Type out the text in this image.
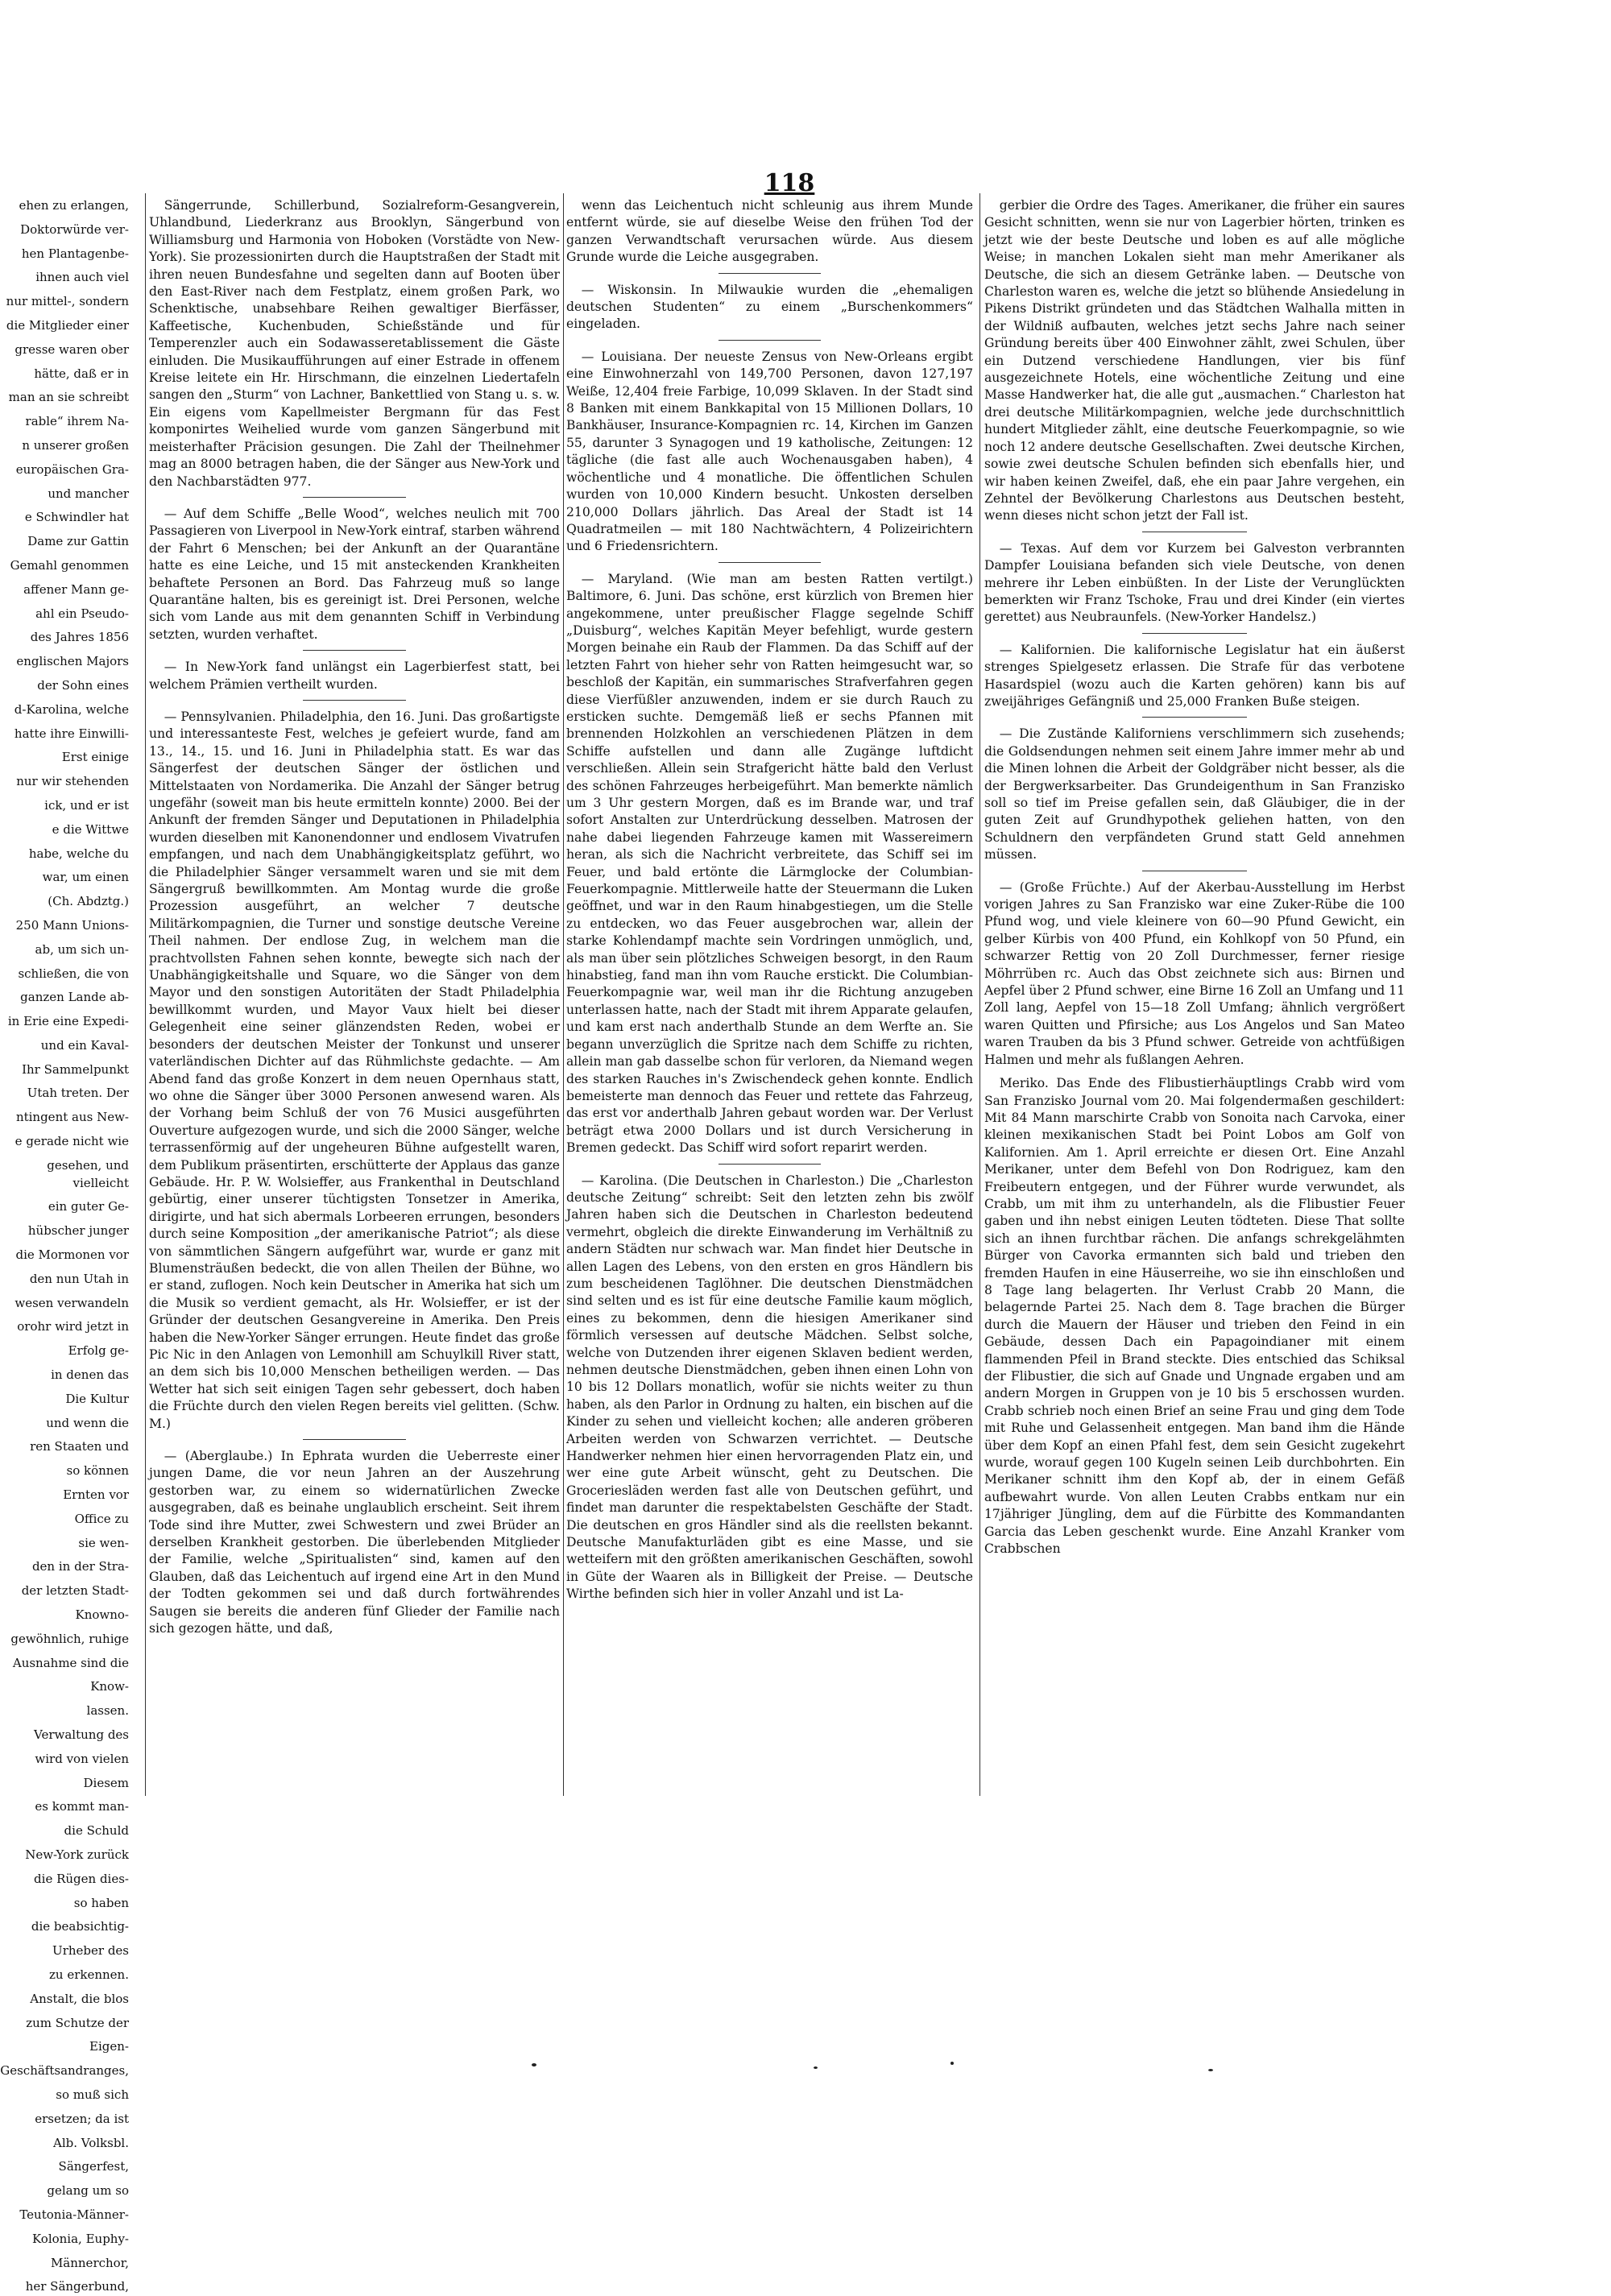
118

ehen zu erlangen,

Doktorwürde ver-

hen Plantagenbe-

ihnen auch viel

nur mittel-, sondern

die Mitglieder einer

gresse waren ober

hätte, daß er in

man an sie schreibt

rable“ ihrem Na-

n unserer großen

europäischen Gra-

und mancher

e Schwindler hat

Dame zur Gattin

Gemahl genommen

affener Mann ge-

ahl ein Pseudo-

des Jahres 1856

englischen Majors

der Sohn eines

d-Karolina, welche

hatte ihre Einwilli-

Erst einige

nur wir stehenden

ick, und er ist

e die Wittwe

habe, welche du

war, um einen

(Ch. Abdztg.)

250 Mann Unions-

ab, um sich un-

schließen, die von

ganzen Lande ab-

in Erie eine Expedi-

und ein Kaval-

Ihr Sammelpunkt

Utah treten. Der

ntingent aus New-

e gerade nicht wie

gesehen, und vielleicht

ein guter Ge-

hübscher junger

die Mormonen vor

den nun Utah in

wesen verwandeln

orohr wird jetzt in

Erfolg ge-

in denen das

Die Kultur

und wenn die

ren Staaten und

so können

Ernten vor

Office zu

sie wen-

den in der Stra-

der letzten Stadt-

Knowno-

gewöhnlich, ruhige

Ausnahme sind die

Know-

lassen.

Verwaltung des

wird von vielen

Diesem

es kommt man-

die Schuld

New-York zurück

die Rügen dies-

so haben

die beabsichtig-

Urheber des

zu erkennen.

Anstalt, die blos

zum Schutze der

Eigen-

Geschäftsandranges,

so muß sich

ersetzen; da ist

Alb. Volksbl.

Sängerfest,

gelang um so

Teutonia-Männer-

Kolonia, Euphy-

Männerchor,

her Sängerbund,

Sängerrunde, Schillerbund, Sozialreform-Gesangverein, Uhlandbund, Liederkranz aus Brooklyn, Sängerbund von Williamsburg und Harmonia von Hoboken (Vorstädte von New-York). Sie prozessionirten durch die Hauptstraßen der Stadt mit ihren neuen Bundesfahne und segelten dann auf Booten über den East-River nach dem Festplatz, einem großen Park, wo Schenktische, unabsehbare Reihen gewaltiger Bierfässer, Kaffeetische, Kuchenbuden, Schießstände und für Temperenzler auch ein Sodawasseretablissement die Gäste einluden. Die Musikaufführungen auf einer Estrade in offenem Kreise leitete ein Hr. Hirschmann, die einzelnen Liedertafeln sangen den „Sturm“ von Lachner, Bankettlied von Stang u. s. w. Ein eigens vom Kapellmeister Bergmann für das Fest komponirtes Weihelied wurde vom ganzen Sängerbund mit meisterhafter Präcision gesungen. Die Zahl der Theilnehmer mag an 8000 betragen haben, die der Sänger aus New-York und den Nachbarstädten 977.

— Auf dem Schiffe „Belle Wood“, welches neulich mit 700 Passagieren von Liverpool in New-York eintraf, starben während der Fahrt 6 Menschen; bei der Ankunft an der Quarantäne hatte es eine Leiche, und 15 mit ansteckenden Krankheiten behaftete Personen an Bord. Das Fahrzeug muß so lange Quarantäne halten, bis es gereinigt ist. Drei Personen, welche sich vom Lande aus mit dem genannten Schiff in Verbindung setzten, wurden verhaftet.

— In New-York fand unlängst ein Lagerbierfest statt, bei welchem Prämien vertheilt wurden.

— Pennsylvanien. Philadelphia, den 16. Juni. Das großartigste und interessanteste Fest, welches je gefeiert wurde, fand am 13., 14., 15. und 16. Juni in Philadelphia statt. Es war das Sängerfest der deutschen Sänger der östlichen und Mittelstaaten von Nordamerika. Die Anzahl der Sänger betrug ungefähr (soweit man bis heute ermitteln konnte) 2000. Bei der Ankunft der fremden Sänger und Deputationen in Philadelphia wurden dieselben mit Kanonendonner und endlosem Vivatrufen empfangen, und nach dem Unabhängigkeitsplatz geführt, wo die Philadelphier Sänger versammelt waren und sie mit dem Sängergruß bewillkommten. Am Montag wurde die große Prozession ausgeführt, an welcher 7 deutsche Militärkompagnien, die Turner und sonstige deutsche Vereine Theil nahmen. Der endlose Zug, in welchem man die prachtvollsten Fahnen sehen konnte, bewegte sich nach der Unabhängigkeitshalle und Square, wo die Sänger von dem Mayor und den sonstigen Autoritäten der Stadt Philadelphia bewillkommt wurden, und Mayor Vaux hielt bei dieser Gelegenheit eine seiner glänzendsten Reden, wobei er besonders der deutschen Meister der Tonkunst und unserer vaterländischen Dichter auf das Rühmlichste gedachte. — Am Abend fand das große Konzert in dem neuen Opernhaus statt, wo ohne die Sänger über 3000 Personen anwesend waren. Als der Vorhang beim Schluß der von 76 Musici ausgeführten Ouverture aufgezogen wurde, und sich die 2000 Sänger, welche terrassenförmig auf der ungeheuren Bühne aufgestellt waren, dem Publikum präsentirten, erschütterte der Applaus das ganze Gebäude. Hr. P. W. Wolsieffer, aus Frankenthal in Deutschland gebürtig, einer unserer tüchtigsten Tonsetzer in Amerika, dirigirte, und hat sich abermals Lorbeeren errungen, besonders durch seine Komposition „der amerikanische Patriot“; als diese von sämmtlichen Sängern aufgeführt war, wurde er ganz mit Blumensträußen bedeckt, die von allen Theilen der Bühne, wo er stand, zuflogen. Noch kein Deutscher in Amerika hat sich um die Musik so verdient gemacht, als Hr. Wolsieffer, er ist der Gründer der deutschen Gesangvereine in Amerika. Den Preis haben die New-Yorker Sänger errungen. Heute findet das große Pic Nic in den Anlagen von Lemonhill am Schuylkill River statt, an dem sich bis 10,000 Menschen betheiligen werden. — Das Wetter hat sich seit einigen Tagen sehr gebessert, doch haben die Früchte durch den vielen Regen bereits viel gelitten. (Schw. M.)

— (Aberglaube.) In Ephrata wurden die Ueberreste einer jungen Dame, die vor neun Jahren an der Auszehrung gestorben war, zu einem so widernatürlichen Zwecke ausgegraben, daß es beinahe unglaublich erscheint. Seit ihrem Tode sind ihre Mutter, zwei Schwestern und zwei Brüder an derselben Krankheit gestorben. Die überlebenden Mitglieder der Familie, welche „Spiritualisten“ sind, kamen auf den Glauben, daß das Leichentuch auf irgend eine Art in den Mund der Todten gekommen sei und daß durch fortwährendes Saugen sie bereits die anderen fünf Glieder der Familie nach sich gezogen hätte, und daß,

wenn das Leichentuch nicht schleunig aus ihrem Munde entfernt würde, sie auf dieselbe Weise den frühen Tod der ganzen Verwandtschaft verursachen würde. Aus diesem Grunde wurde die Leiche ausgegraben.

— Wiskonsin. In Milwaukie wurden die „ehemaligen deutschen Studenten“ zu einem „Burschenkommers“ eingeladen.

— Louisiana. Der neueste Zensus von New-Orleans ergibt eine Einwohnerzahl von 149,700 Personen, davon 127,197 Weiße, 12,404 freie Farbige, 10,099 Sklaven. In der Stadt sind 8 Banken mit einem Bankkapital von 15 Millionen Dollars, 10 Bankhäuser, Insurance-Kompagnien rc. 14, Kirchen im Ganzen 55, darunter 3 Synagogen und 19 katholische, Zeitungen: 12 tägliche (die fast alle auch Wochenausgaben haben), 4 wöchentliche und 4 monatliche. Die öffentlichen Schulen wurden von 10,000 Kindern besucht. Unkosten derselben 210,000 Dollars jährlich. Das Areal der Stadt ist 14 Quadratmeilen — mit 180 Nachtwächtern, 4 Polizeirichtern und 6 Friedensrichtern.

— Maryland. (Wie man am besten Ratten vertilgt.) Baltimore, 6. Juni. Das schöne, erst kürzlich von Bremen hier angekommene, unter preußischer Flagge segelnde Schiff „Duisburg“, welches Kapitän Meyer befehligt, wurde gestern Morgen beinahe ein Raub der Flammen. Da das Schiff auf der letzten Fahrt von hieher sehr von Ratten heimgesucht war, so beschloß der Kapitän, ein summarisches Strafverfahren gegen diese Vierfüßler anzuwenden, indem er sie durch Rauch zu ersticken suchte. Demgemäß ließ er sechs Pfannen mit brennenden Holzkohlen an verschiedenen Plätzen in dem Schiffe aufstellen und dann alle Zugänge luftdicht verschließen. Allein sein Strafgericht hätte bald den Verlust des schönen Fahrzeuges herbeigeführt. Man bemerkte nämlich um 3 Uhr gestern Morgen, daß es im Brande war, und traf sofort Anstalten zur Unterdrückung desselben. Matrosen der nahe dabei liegenden Fahrzeuge kamen mit Wassereimern heran, als sich die Nachricht verbreitete, das Schiff sei im Feuer, und bald ertönte die Lärmglocke der Columbian-Feuerkompagnie. Mittlerweile hatte der Steuermann die Luken geöffnet, und war in den Raum hinabgestiegen, um die Stelle zu entdecken, wo das Feuer ausgebrochen war, allein der starke Kohlendampf machte sein Vordringen unmöglich, und, als man über sein plötzliches Schweigen besorgt, in den Raum hinabstieg, fand man ihn vom Rauche erstickt. Die Columbian-Feuerkompagnie war, weil man ihr die Richtung anzugeben unterlassen hatte, nach der Stadt mit ihrem Apparate gelaufen, und kam erst nach anderthalb Stunde an dem Werfte an. Sie begann unverzüglich die Spritze nach dem Schiffe zu richten, allein man gab dasselbe schon für verloren, da Niemand wegen des starken Rauches in's Zwischendeck gehen konnte. Endlich bemeisterte man dennoch das Feuer und rettete das Fahrzeug, das erst vor anderthalb Jahren gebaut worden war. Der Verlust beträgt etwa 2000 Dollars und ist durch Versicherung in Bremen gedeckt. Das Schiff wird sofort reparirt werden.

— Karolina. (Die Deutschen in Charleston.) Die „Charleston deutsche Zeitung“ schreibt: Seit den letzten zehn bis zwölf Jahren haben sich die Deutschen in Charleston bedeutend vermehrt, obgleich die direkte Einwanderung im Verhältniß zu andern Städten nur schwach war. Man findet hier Deutsche in allen Lagen des Lebens, von den ersten en gros Händlern bis zum bescheidenen Taglöhner. Die deutschen Dienstmädchen sind selten und es ist für eine deutsche Familie kaum möglich, eines zu bekommen, denn die hiesigen Amerikaner sind förmlich versessen auf deutsche Mädchen. Selbst solche, welche von Dutzenden ihrer eigenen Sklaven bedient werden, nehmen deutsche Dienstmädchen, geben ihnen einen Lohn von 10 bis 12 Dollars monatlich, wofür sie nichts weiter zu thun haben, als den Parlor in Ordnung zu halten, ein bischen auf die Kinder zu sehen und vielleicht kochen; alle anderen gröberen Arbeiten werden von Schwarzen verrichtet. — Deutsche Handwerker nehmen hier einen hervorragenden Platz ein, und wer eine gute Arbeit wünscht, geht zu Deutschen. Die Groceriesläden werden fast alle von Deutschen geführt, und findet man darunter die respektabelsten Geschäfte der Stadt. Die deutschen en gros Händler sind als die reellsten bekannt. Deutsche Manufakturläden gibt es eine Masse, und sie wetteifern mit den größten amerikanischen Geschäften, sowohl in Güte der Waaren als in Billigkeit der Preise. — Deutsche Wirthe befinden sich hier in voller Anzahl und ist La-

gerbier die Ordre des Tages. Amerikaner, die früher ein saures Gesicht schnitten, wenn sie nur von Lagerbier hörten, trinken es jetzt wie der beste Deutsche und loben es auf alle mögliche Weise; in manchen Lokalen sieht man mehr Amerikaner als Deutsche, die sich an diesem Getränke laben. — Deutsche von Charleston waren es, welche die jetzt so blühende Ansiedelung in Pikens Distrikt gründeten und das Städtchen Walhalla mitten in der Wildniß aufbauten, welches jetzt sechs Jahre nach seiner Gründung bereits über 400 Einwohner zählt, zwei Schulen, über ein Dutzend verschiedene Handlungen, vier bis fünf ausgezeichnete Hotels, eine wöchentliche Zeitung und eine Masse Handwerker hat, die alle gut „ausmachen.“ Charleston hat drei deutsche Militärkompagnien, welche jede durchschnittlich hundert Mitglieder zählt, eine deutsche Feuerkompagnie, so wie noch 12 andere deutsche Gesellschaften. Zwei deutsche Kirchen, sowie zwei deutsche Schulen befinden sich ebenfalls hier, und wir haben keinen Zweifel, daß, ehe ein paar Jahre vergehen, ein Zehntel der Bevölkerung Charlestons aus Deutschen besteht, wenn dieses nicht schon jetzt der Fall ist.

— Texas. Auf dem vor Kurzem bei Galveston verbrannten Dampfer Louisiana befanden sich viele Deutsche, von denen mehrere ihr Leben einbüßten. In der Liste der Verunglückten bemerkten wir Franz Tschoke, Frau und drei Kinder (ein viertes gerettet) aus Neubraunfels. (New-Yorker Handelsz.)

— Kalifornien. Die kalifornische Legislatur hat ein äußerst strenges Spielgesetz erlassen. Die Strafe für das verbotene Hasardspiel (wozu auch die Karten gehören) kann bis auf zweijähriges Gefängniß und 25,000 Franken Buße steigen.

— Die Zustände Kaliforniens verschlimmern sich zusehends; die Goldsendungen nehmen seit einem Jahre immer mehr ab und die Minen lohnen die Arbeit der Goldgräber nicht besser, als die der Bergwerksarbeiter. Das Grundeigenthum in San Franzisko soll so tief im Preise gefallen sein, daß Gläubiger, die in der guten Zeit auf Grundhypothek geliehen hatten, von den Schuldnern den verpfändeten Grund statt Geld annehmen müssen.

— (Große Früchte.) Auf der Akerbau-Ausstellung im Herbst vorigen Jahres zu San Franzisko war eine Zuker-Rübe die 100 Pfund wog, und viele kleinere von 60—90 Pfund Gewicht, ein gelber Kürbis von 400 Pfund, ein Kohlkopf von 50 Pfund, ein schwarzer Rettig von 20 Zoll Durchmesser, ferner riesige Möhrrüben rc. Auch das Obst zeichnete sich aus: Birnen und Aepfel über 2 Pfund schwer, eine Birne 16 Zoll an Umfang und 11 Zoll lang, Aepfel von 15—18 Zoll Umfang; ähnlich vergrößert waren Quitten und Pfirsiche; aus Los Angelos und San Mateo waren Trauben da bis 3 Pfund schwer. Getreide von achtfüßigen Halmen und mehr als fußlangen Aehren.

Meriko. Das Ende des Flibustierhäuptlings Crabb wird vom San Franzisko Journal vom 20. Mai folgendermaßen geschildert: Mit 84 Mann marschirte Crabb von Sonoita nach Carvoka, einer kleinen mexikanischen Stadt bei Point Lobos am Golf von Kalifornien. Am 1. April erreichte er diesen Ort. Eine Anzahl Merikaner, unter dem Befehl von Don Rodriguez, kam den Freibeutern entgegen, und der Führer wurde verwundet, als Crabb, um mit ihm zu unterhandeln, als die Flibustier Feuer gaben und ihn nebst einigen Leuten tödteten. Diese That sollte sich an ihnen furchtbar rächen. Die anfangs schrekgelähmten Bürger von Cavorka ermannten sich bald und trieben den fremden Haufen in eine Häuserreihe, wo sie ihn einschloßen und 8 Tage lang belagerten. Ihr Verlust Crabb 20 Mann, die belagernde Partei 25. Nach dem 8. Tage brachen die Bürger durch die Mauern der Häuser und trieben den Feind in ein Gebäude, dessen Dach ein Papagoindianer mit einem flammenden Pfeil in Brand steckte. Dies entschied das Schiksal der Flibustier, die sich auf Gnade und Ungnade ergaben und am andern Morgen in Gruppen von je 10 bis 5 erschossen wurden. Crabb schrieb noch einen Brief an seine Frau und ging dem Tode mit Ruhe und Gelassenheit entgegen. Man band ihm die Hände über dem Kopf an einen Pfahl fest, dem sein Gesicht zugekehrt wurde, worauf gegen 100 Kugeln seinen Leib durchbohrten. Ein Merikaner schnitt ihm den Kopf ab, der in einem Gefäß aufbewahrt wurde. Von allen Leuten Crabbs entkam nur ein 17jähriger Jüngling, dem auf die Fürbitte des Kommandanten Garcia das Leben geschenkt wurde. Eine Anzahl Kranker vom Crabbschen
